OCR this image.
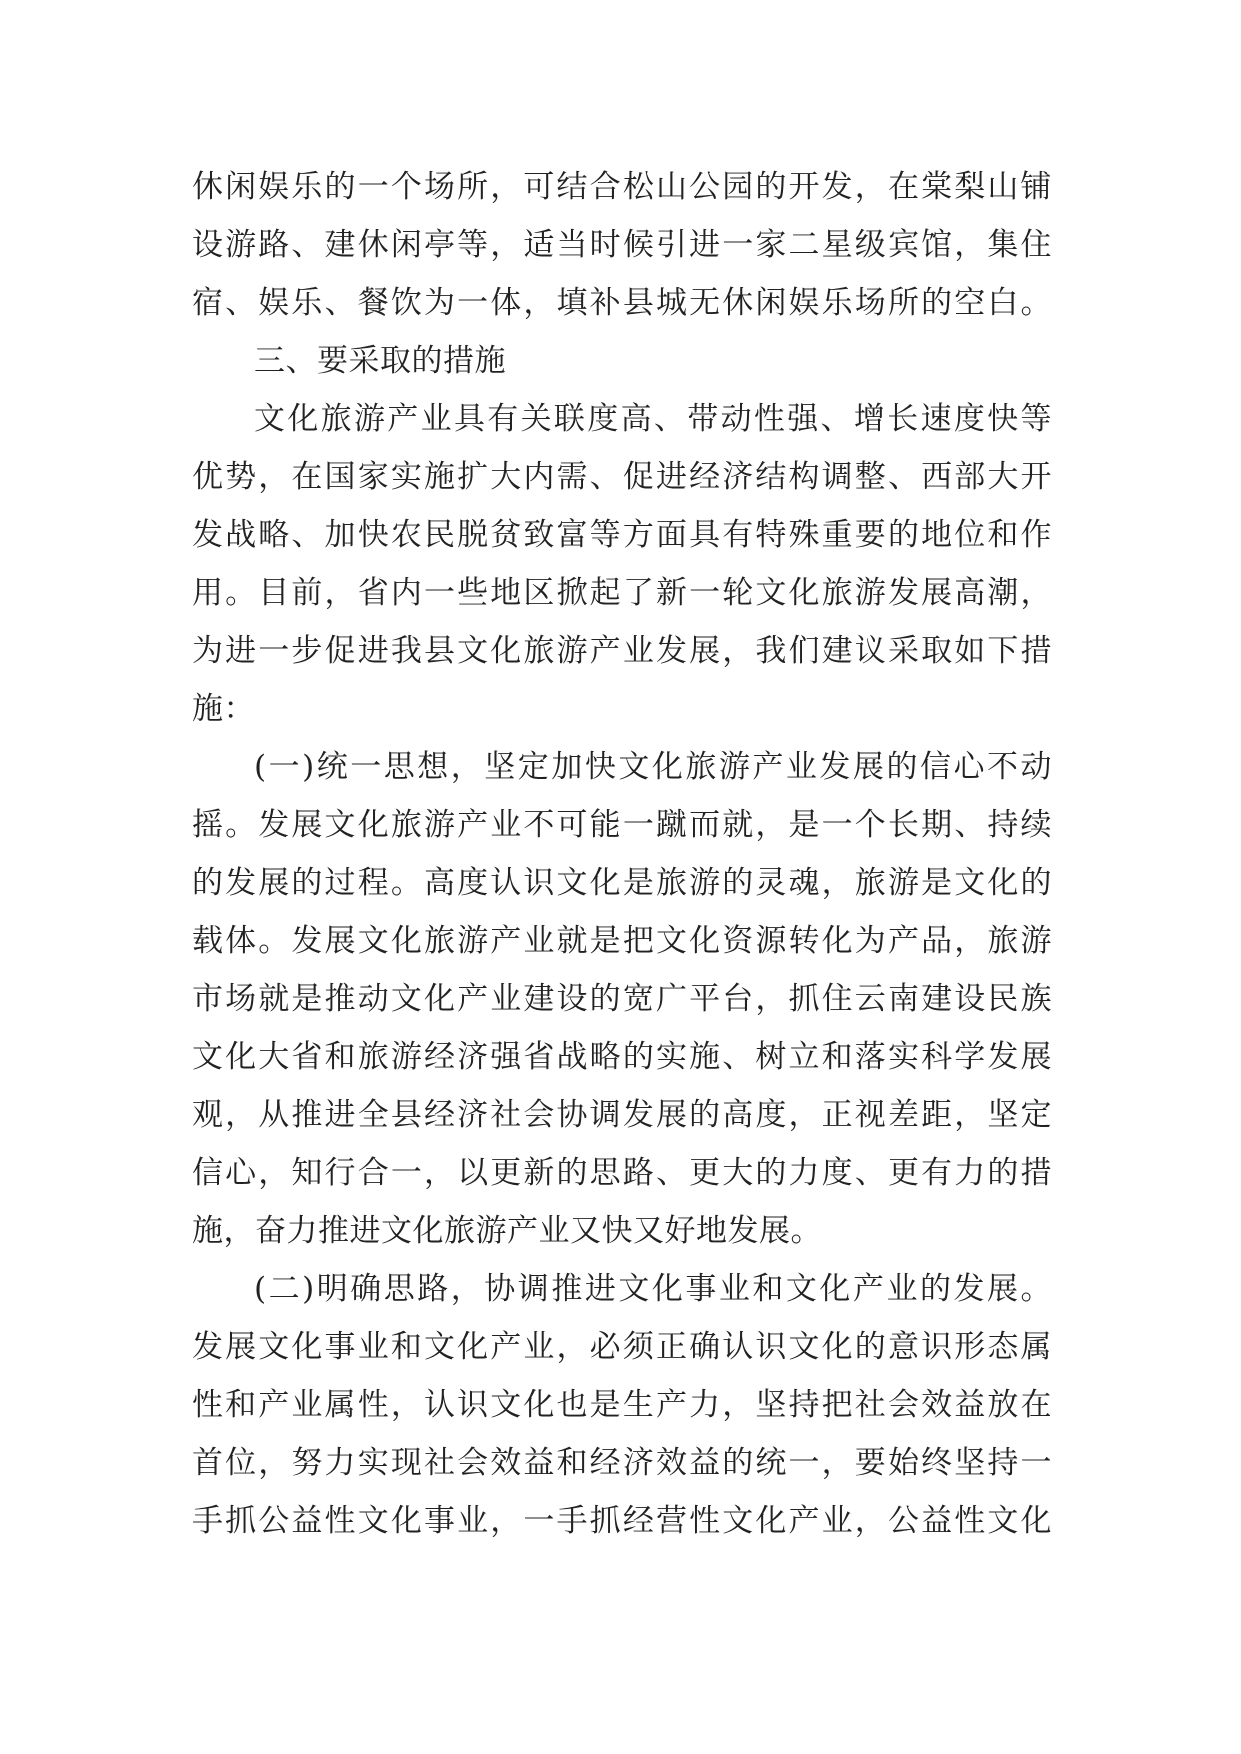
休闲娱乐的一个场所，可结合松山公园的开发，在棠梨山铺
设游路、建休闲亭等，适当时候引进一家二星级宾馆，集住
宿、娱乐、餐饮为一体，填补县城无休闲娱乐场所的空白。
三、要采取的措施
文化旅游产业具有关联度高、带动性强、增长速度快等
优势，在国家实施扩大内需、促进经济结构调整、西部大开
发战略、加快农民脱贫致富等方面具有特殊重要的地位和作
用。目前，省内一些地区掀起了新一轮文化旅游发展高潮，
为进一步促进我县文化旅游产业发展，我们建议采取如下措
施：
(一)统一思想，坚定加快文化旅游产业发展的信心不动
摇。发展文化旅游产业不可能一蹴而就，是一个长期、持续
的发展的过程。高度认识文化是旅游的灵魂，旅游是文化的
载体。发展文化旅游产业就是把文化资源转化为产品，旅游
市场就是推动文化产业建设的宽广平台，抓住云南建设民族
文化大省和旅游经济强省战略的实施、树立和落实科学发展
观，从推进全县经济社会协调发展的高度，正视差距，坚定
信心，知行合一，以更新的思路、更大的力度、更有力的措
施，奋力推进文化旅游产业又快又好地发展。
(二)明确思路，协调推进文化事业和文化产业的发展。
发展文化事业和文化产业，必须正确认识文化的意识形态属
性和产业属性，认识文化也是生产力，坚持把社会效益放在
首位，努力实现社会效益和经济效益的统一，要始终坚持一
手抓公益性文化事业，一手抓经营性文化产业，公益性文化
